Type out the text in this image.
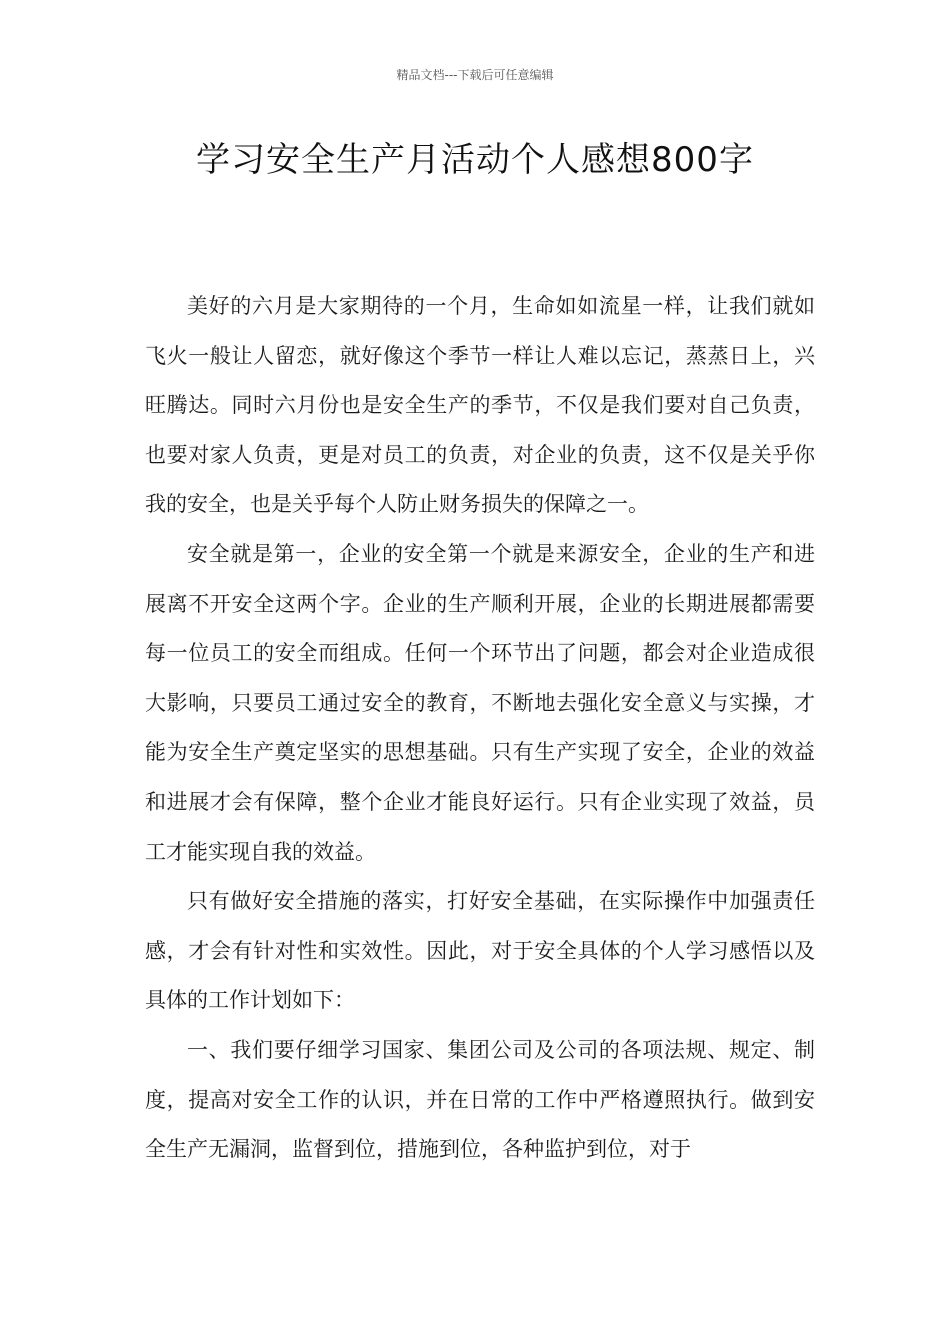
精品文档---下载后可任意编辑
学习安全生产月活动个人感想800字

美好的六月是大家期待的一个月，生命如如流星一样，让我们就如飞火一般让人留恋，就好像这个季节一样让人难以忘记，蒸蒸日上，兴旺腾达。同时六月份也是安全生产的季节，不仅是我们要对自己负责，也要对家人负责，更是对员工的负责，对企业的负责，这不仅是关乎你我的安全，也是关乎每个人防止财务损失的保障之一。

安全就是第一，企业的安全第一个就是来源安全，企业的生产和进展离不开安全这两个字。企业的生产顺利开展，企业的长期进展都需要每一位员工的安全而组成。任何一个环节出了问题，都会对企业造成很大影响，只要员工通过安全的教育，不断地去强化安全意义与实操，才能为安全生产奠定坚实的思想基础。只有生产实现了安全，企业的效益和进展才会有保障，整个企业才能良好运行。只有企业实现了效益，员工才能实现自我的效益。

只有做好安全措施的落实，打好安全基础，在实际操作中加强责任感，才会有针对性和实效性。因此，对于安全具体的个人学习感悟以及具体的工作计划如下：

一、我们要仔细学习国家、集团公司及公司的各项法规、规定、制度，提高对安全工作的认识，并在日常的工作中严格遵照执行。做到安全生产无漏洞，监督到位，措施到位，各种监护到位，对于
